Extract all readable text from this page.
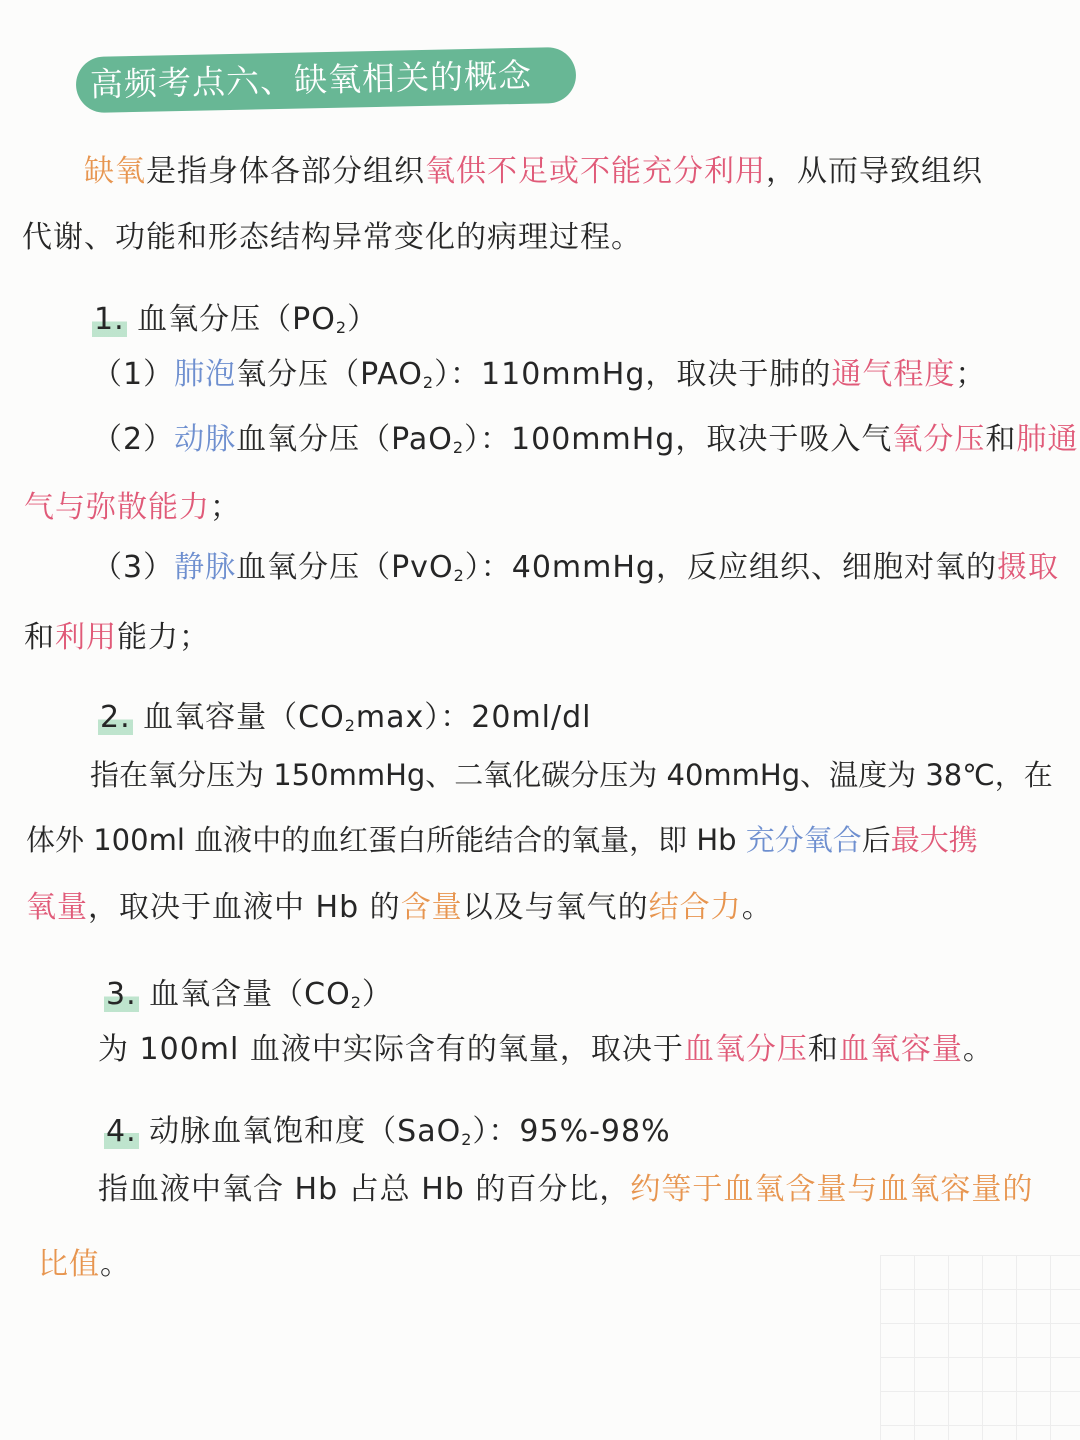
高频考点六、缺氧相关的概念
缺氧是指身体各部分组织氧供不足或不能充分利用，从而导致组织
代谢、功能和形态结构异常变化的病理过程。
1. 血氧分压$(PO_2)$
（1）肺泡氧分压$(PAO_2)$：110mmHg，取决于肺的通气程度；
（2）动脉血氧分压（PaO$_2$）：100mmHg，取决于吸入气氧分压和肺通
气与弥散能力；
（3）静脉血氧分压（PvO$_2$）：40mmHg，反应组织、细胞对氧的摄取
和利用能力；
2. 血氧容量$(CO_2\max)$：20ml/dl
指在氧分压为 150mmHg、二氧化碳分压为 40mmHg、温度为 38℃，在
体外 100ml 血液中的血红蛋白所能结合的氧量，即 Hb 充分氧合后最大携
氧量，取决于血液中 Hb 的含量以及与氧气的结合力。
3. 血氧含量$(CO_2)$
为 100ml 血液中实际含有的氧量，取决于血氧分压和血氧容量。
4. 动脉血氧饱和度（SaO$_2$）：95%-98%
指血液中氧合 Hb 占总 Hb 的百分比，约等于血氧含量与血氧容量的
比值。
